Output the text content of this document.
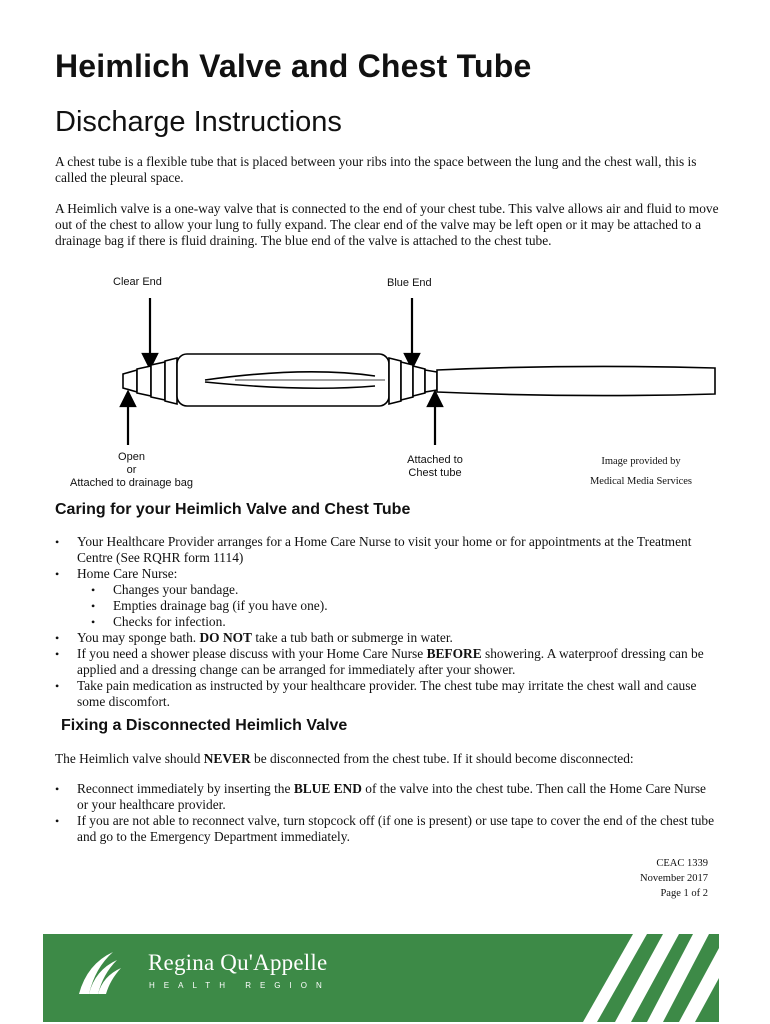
Heimlich Valve and Chest Tube
Discharge Instructions

A chest tube is a flexible tube that is placed between your ribs into the space between the lung and the chest wall, this is called the pleural space.

A Heimlich valve is a one-way valve that is connected to the end of your chest tube. This valve allows air and fluid to move out of the chest to allow your lung to fully expand. The clear end of the valve may be left open or it may be attached to a drainage bag if there is fluid draining. The blue end of the valve is attached to the chest tube.

Clear End	Blue End
Open
or
Attached to drainage bag
Attached to
Chest tube
Image provided by
Medical Media Services
Caring for your Heimlich Valve and Chest Tube
• Your Healthcare Provider arranges for a Home Care Nurse to visit your home or for appointments at the Treatment Centre (See RQHR form 1114)
• Home Care Nurse:
• Changes your bandage.
• Empties drainage bag (if you have one).
• Checks for infection.
• You may sponge bath. DO NOT take a tub bath or submerge in water.
• If you need a shower please discuss with your Home Care Nurse BEFORE showering. A waterproof dressing can be applied and a dressing change can be arranged for immediately after your shower.
• Take pain medication as instructed by your healthcare provider. The chest tube may irritate the chest wall and cause some discomfort.
Fixing a Disconnected Heimlich Valve

The Heimlich valve should NEVER be disconnected from the chest tube. If it should become disconnected:

• Reconnect immediately by inserting the BLUE END of the valve into the chest tube. Then call the Home Care Nurse or your healthcare provider.
• If you are not able to reconnect valve, turn stopcock off (if one is present) or use tape to cover the end of the chest tube and go to the Emergency Department immediately.
CEAC 1339
November 2017
Page 1 of 2
Regina Qu'Appelle
HEALTH REGION
